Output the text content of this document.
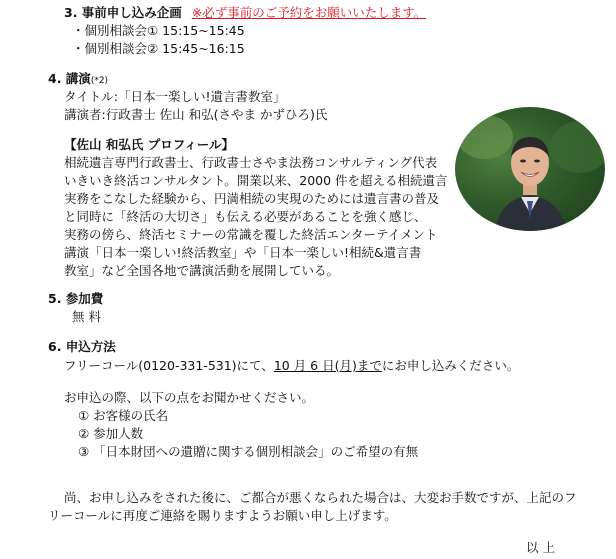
3. 事前申し込み企画 ※必ず事前のご予約をお願いいたします。
・個別相談会① 15:15~15:45
・個別相談会② 15:45~16:15
4. 講演(*2)
タイトル:「日本一楽しい!遺言書教室」
講演者:行政書士 佐山 和弘(さやま かずひろ)氏
【佐山 和弘氏 プロフィール】
相続遺言専門行政書士、行政書士さやま法務コンサルティング代表
いきいき終活コンサルタント。開業以来、2000 件を超える相続遺言
実務をこなした経験から、円満相続の実現のためには遺言書の普及
と同時に「終活の大切さ」も伝える必要があることを強く感じ、
実務の傍ら、終活セミナーの常識を覆した終活エンターテイメント
講演「日本一楽しい!終活教室」や「日本一楽しい!相続&遺言書
教室」など全国各地で講演活動を展開している。
5. 参加費
無 料
6. 申込方法
フリーコール(0120-331-531)にて、10 月 6 日(月)までにお申し込みください。
お申込の際、以下の点をお聞かせください。
① お客様の氏名
② 参加人数
③ 「日本財団への遺贈に関する個別相談会」のご希望の有無
尚、お申し込みをされた後に、ご都合が悪くなられた場合は、大変お手数ですが、上記のフ
リーコールに再度ご連絡を賜りますようお願い申し上げます。
以 上
